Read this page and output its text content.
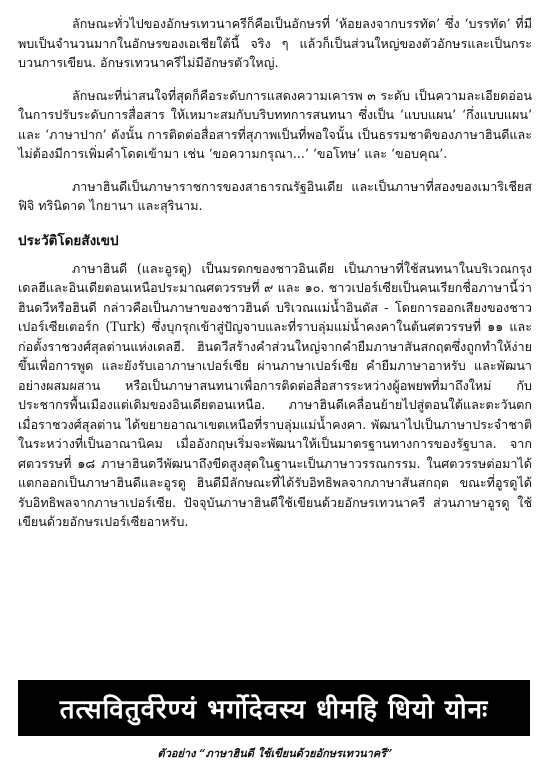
ลักษณะทั่วไปของอักษรเทวนาครีก็คือเป็นอักษรที่ ‘ห้อยลงจากบรรทัด’ ซึ่ง ‘บรรทัด’ ที่มีพบเป็นจำนวนมากในอักษรของเอเชียใต้นี้ จริง ๆ แล้วก็เป็นส่วนใหญ่ของตัวอักษรและเป็นกระบวนการเขียน. อักษรเทวนาครีไม่มีอักษรตัวใหญ่.

ลักษณะที่น่าสนใจที่สุดก็คือระดับการแสดงความเคารพ ๓ ระดับ เป็นความละเอียดอ่อนในการปรับระดับการสื่อสาร ให้เหมาะสมกับบริบททการสนทนา ซึ่งเป็น ‘แบบแผน’ ‘กึ่งแบบแผน’ และ ‘ภาษาปาก’ ดังนั้น การติดต่อสื่อสารที่สุภาพเป็นที่พอใจนั้น เป็นธรรมชาติของภาษาฮินดีและไม่ต้องมีการเพิ่มคำโดดเข้ามา เช่น ‘ขอความกรุณา...’ ‘ขอโทษ’ และ ‘ขอบคุณ’.

ภาษาฮินดีเป็นภาษาราชการของสาธารณรัฐอินเดีย และเป็นภาษาที่สองของเมาริเชียส ฟิจิ ทรินิดาด ไกยานา และสุรินาม.

ประวัติโดยสังเขป

ภาษาฮินดี (และอูรดู) เป็นมรดกของชาวอินเดีย เป็นภาษาที่ใช้สนทนาในบริเวณกรุงเดลฮีและอินเดียตอนเหนือประมาณศตวรรษที่ ๙ และ ๑๐. ชาวเปอร์เซียเป็นคนเรียกชื่อภาษานี้ว่า ฮินดวีหรือฮินดี กล่าวคือเป็นภาษาของชาวฮินด์ บริเวณแม่น้ำอินดัส - โดยการออกเสียงของชาวเปอร์เซียเตอร์ก (Turk) ซึ่งบุกรุกเข้าสู่ปัญจาบและที่ราบลุ่มแม่น้ำคงคาในต้นศตวรรษที่ ๑๑ และก่อตั้งราชวงศ์สุลต่านแห่งเดลฮี. ฮินดวีสร้างคำส่วนใหญ่จากคำยืมภาษาสันสกฤตซึ่งถูกทำให้ง่ายขึ้นเพื่อการพูด และยังรับเอาภาษาเปอร์เซีย ผ่านภาษาเปอร์เซีย คำยืมภาษาอาหรับ และพัฒนาอย่างผสมผสาน หรือเป็นภาษาสนทนาเพื่อการติดต่อสื่อสารระหว่างผู้อพยพที่มาถึงใหม่ กับประชากรพื้นเมืองแต่เดิมของอินเดียตอนเหนือ. ภาษาฮินดีเคลื่อนย้ายไปสู่ตอนใต้และตะวันตก เมื่อราชวงศ์สุลต่าน ได้ขยายอาณาเขตเหนือที่ราบลุ่มแม่น้ำคงคา. พัฒนาไปเป็นภาษาประจำชาติในระหว่างที่เป็นอาณานิคม เมื่ออังกฤษเริ่มจะพัฒนาให้เป็นมาตรฐานทางการของรัฐบาล. จากศตวรรษที่ ๑๘ ภาษาฮินดวีพัฒนาถึงขีดสูงสุดในฐานะเป็นภาษาวรรณกรรม. ในศตวรรษต่อมาได้แตกออกเป็นภาษาฮินดีและอูรดู ฮินดีมีลักษณะที่ได้รับอิทธิพลจากภาษาสันสกฤต ขณะที่อูรดูได้รับอิทธิพลจากภาษาเปอร์เซีย. ปัจจุบันภาษาฮินดีใช้เขียนด้วยอักษรเทวนาครี ส่วนภาษาอูรดู ใช้เขียนด้วยอักษรเปอร์เซียอาหรับ.

तत्सवितुर्वरेण्यं भर्गोदेवस्य धीमहि धियो योनः
ตัวอย่าง “ภาษาฮินดี ใช้เขียนด้วยอักษรเทวนาครี”
